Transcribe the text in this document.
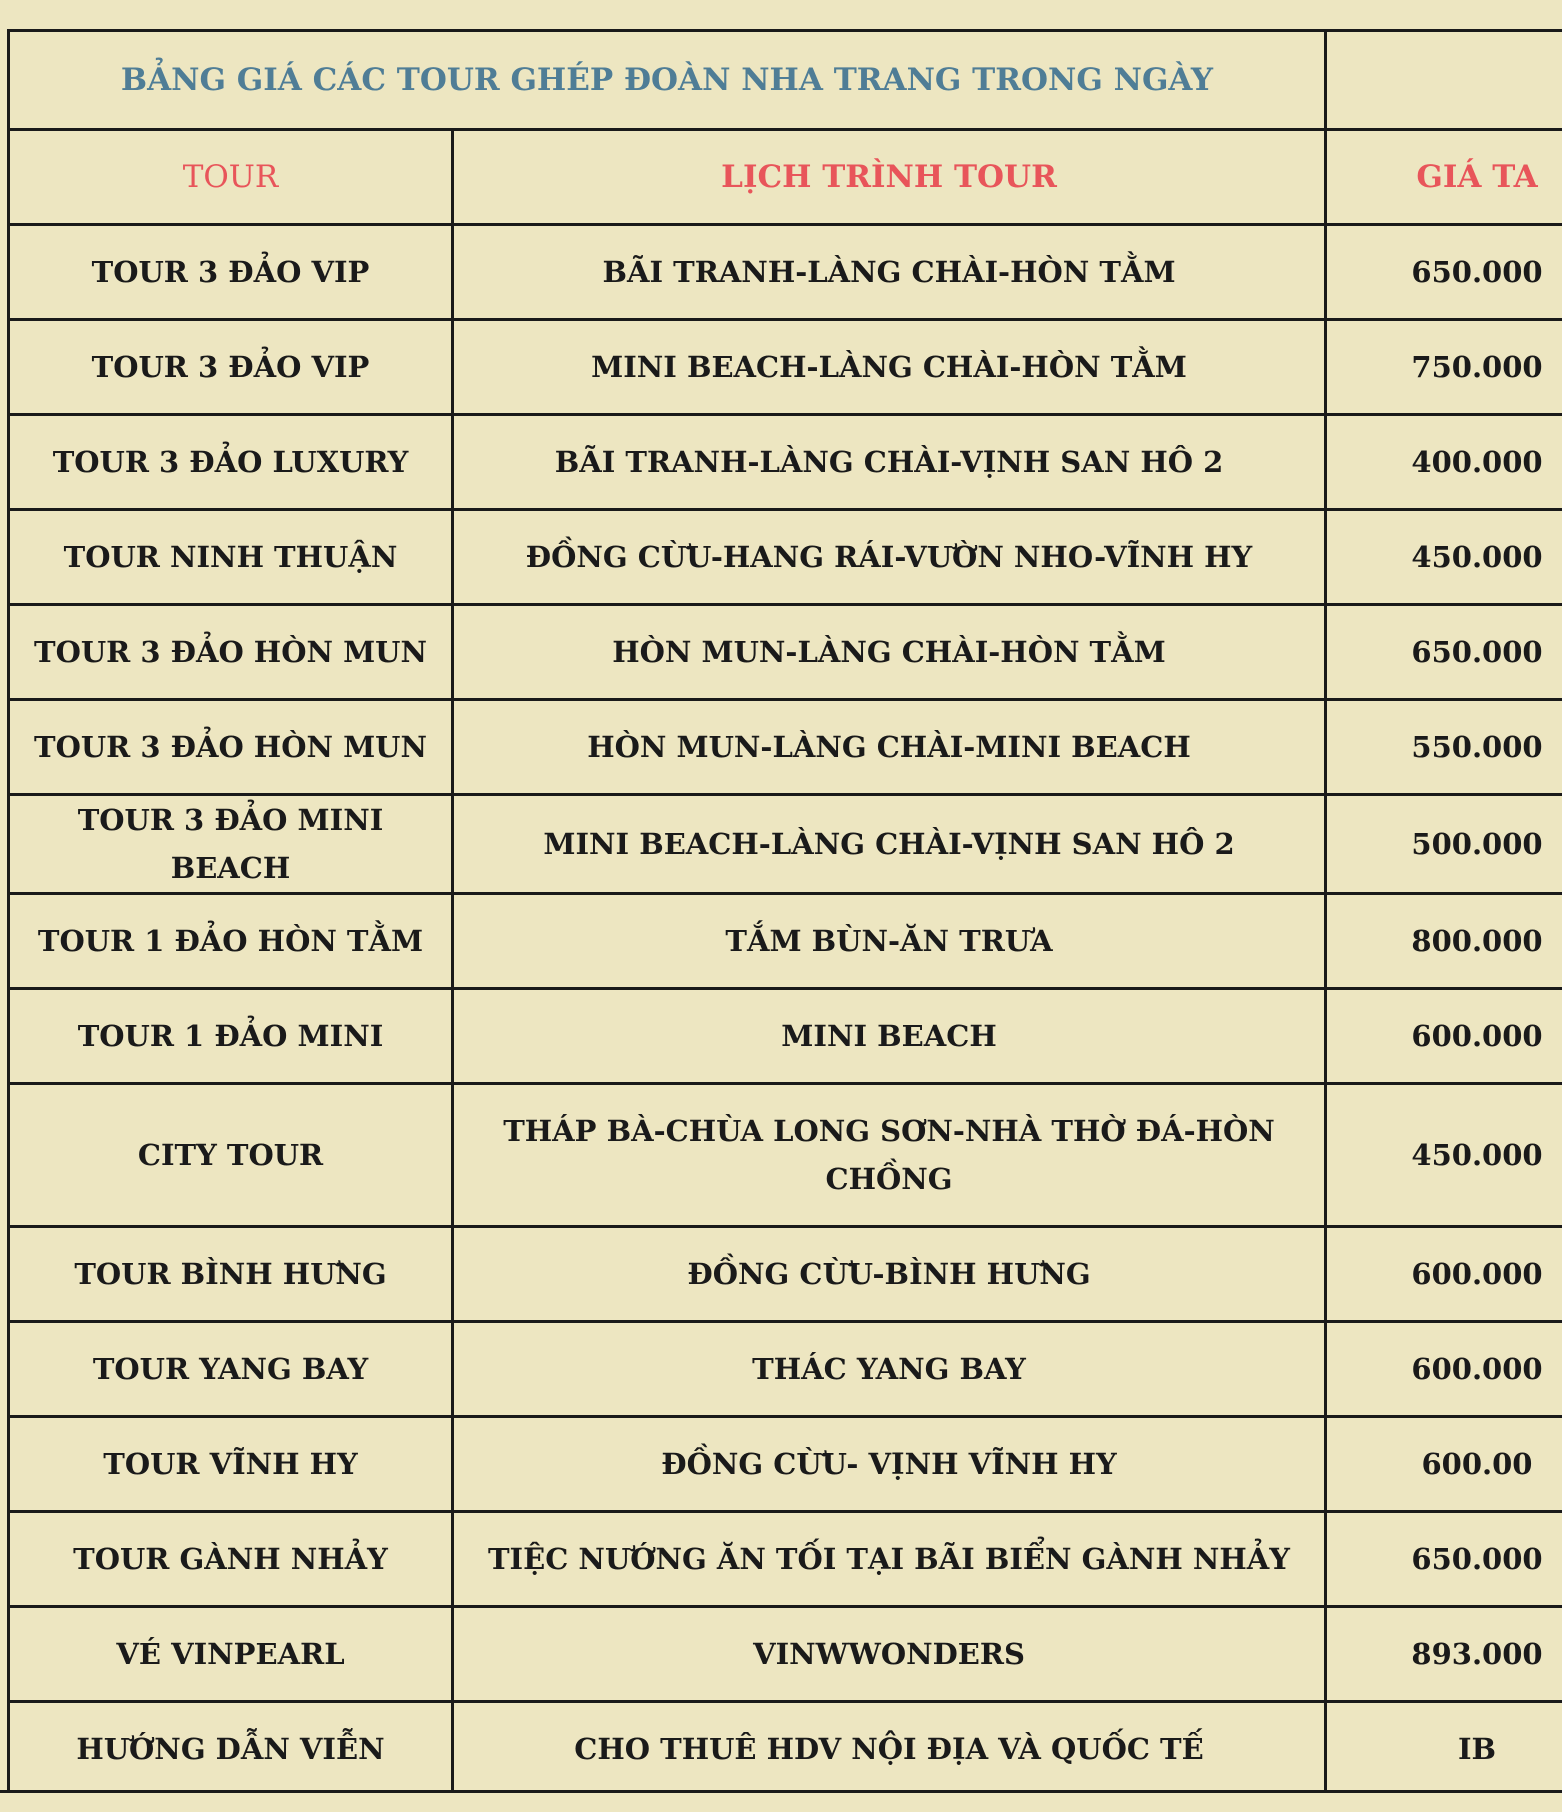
BẢNG GIÁ CÁC TOUR GHÉP ĐOÀN NHA TRANG TRONG NGÀY		
TOUR	LỊCH TRÌNH TOUR	GIÁ TA
TOUR 3 ĐẢO VIP	BÃI TRANH-LÀNG CHÀI-HÒN TẰM	650.000
TOUR 3 ĐẢO VIP	MINI BEACH-LÀNG CHÀI-HÒN TẰM	750.000
TOUR 3 ĐẢO LUXURY	BÃI TRANH-LÀNG CHÀI-VỊNH SAN HÔ 2	400.000
TOUR NINH THUẬN	ĐỒNG CỪU-HANG RÁI-VƯỜN NHO-VĨNH HY	450.000
TOUR 3 ĐẢO HÒN MUN	HÒN MUN-LÀNG CHÀI-HÒN TẰM	650.000
TOUR 3 ĐẢO HÒN MUN	HÒN MUN-LÀNG CHÀI-MINI BEACH	550.000
TOUR 3 ĐẢO MINI BEACH	MINI BEACH-LÀNG CHÀI-VỊNH SAN HÔ 2	500.000
TOUR 1 ĐẢO HÒN TẰM	TẮM BÙN-ĂN TRƯA	800.000
TOUR 1 ĐẢO MINI	MINI BEACH	600.000
CITY TOUR	THÁP BÀ-CHÙA LONG SƠN-NHÀ THỜ ĐÁ-HÒN CHỒNG	450.000
TOUR BÌNH HƯNG	ĐỒNG CỪU-BÌNH HƯNG	600.000
TOUR YANG BAY	THÁC YANG BAY	600.000
TOUR VĨNH HY	ĐỒNG CỪU- VỊNH VĨNH HY	600.00
TOUR GÀNH NHẢY	TIỆC NƯỚNG ĂN TỐI TẠI BÃI BIỂN GÀNH NHẢY	650.000
VÉ VINPEARL	VINWWONDERS	893.000
HƯỚNG DẪN VIỄN	CHO THUÊ HDV NỘI ĐỊA VÀ QUỐC TẾ	IB
